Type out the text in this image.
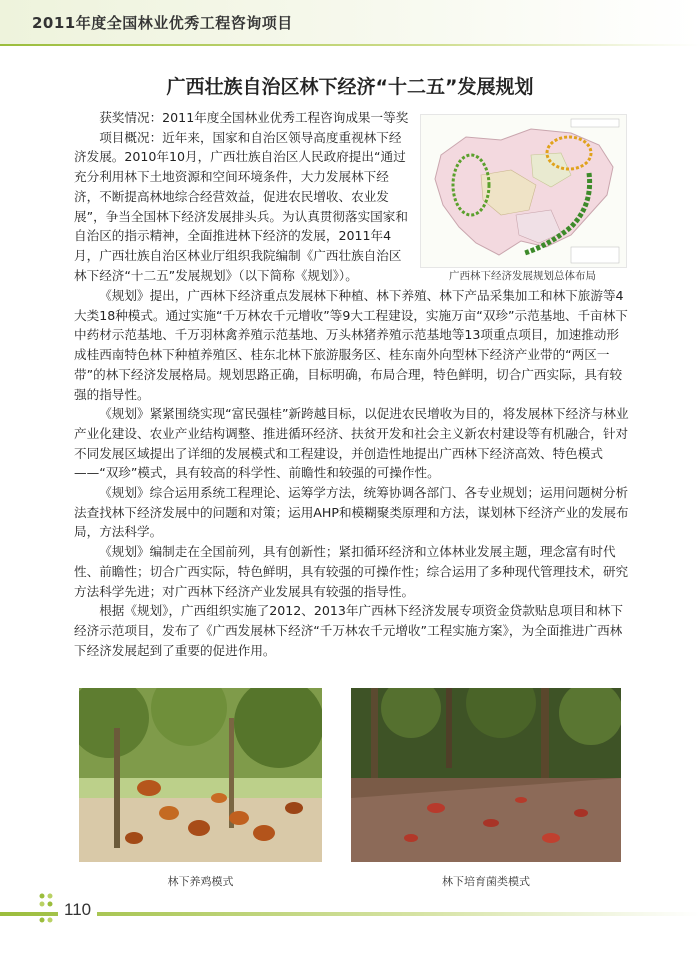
2011年度全国林业优秀工程咨询项目
广西壮族自治区林下经济“十二五”发展规划

获奖情况：2011年度全国林业优秀工程咨询成果一等奖

项目概况：近年来，国家和自治区领导高度重视林下经济发展。2010年10月，广西壮族自治区人民政府提出“通过充分利用林下土地资源和空间环境条件，大力发展林下经济，不断提高林地综合经营效益，促进农民增收、农业发展”，争当全国林下经济发展排头兵。为认真贯彻落实国家和自治区的指示精神，全面推进林下经济的发展，2011年4月，广西壮族自治区林业厅组织我院编制《广西壮族自治区林下经济“十二五”发展规划》（以下简称《规划》）。	广西林下经济发展规划总体布局

《规划》提出，广西林下经济重点发展林下种植、林下养殖、林下产品采集加工和林下旅游等4大类18种模式。通过实施“千万林农千元增收”等9大工程建设，实施万亩“双珍”示范基地、千亩林下中药材示范基地、千万羽林禽养殖示范基地、万头林猪养殖示范基地等13项重点项目，加速推动形成桂西南特色林下种植养殖区、桂东北林下旅游服务区、桂东南外向型林下经济产业带的“两区一带”的林下经济发展格局。规划思路正确，目标明确，布局合理，特色鲜明，切合广西实际，具有较强的指导性。

《规划》紧紧围绕实现“富民强桂”新跨越目标，以促进农民增收为目的，将发展林下经济与林业产业化建设、农业产业结构调整、推进循环经济、扶贫开发和社会主义新农村建设等有机融合，针对不同发展区域提出了详细的发展模式和工程建设，并创造性地提出广西林下经济高效、特色模式——“双珍”模式，具有较高的科学性、前瞻性和较强的可操作性。

《规划》综合运用系统工程理论、运筹学方法，统筹协调各部门、各专业规划；运用问题树分析法查找林下经济发展中的问题和对策；运用AHP和模糊聚类原理和方法，谋划林下经济产业的发展布局，方法科学。

《规划》编制走在全国前列，具有创新性；紧扣循环经济和立体林业发展主题，理念富有时代性、前瞻性；切合广西实际，特色鲜明，具有较强的可操作性；综合运用了多种现代管理技术，研究方法科学先进；对广西林下经济产业发展具有较强的指导性。

根据《规划》，广西组织实施了2012、2013年广西林下经济发展专项资金贷款贴息项目和林下经济示范项目，发布了《广西发展林下经济“千万林农千元增收”工程实施方案》，为全面推进广西林下经济发展起到了重要的促进作用。

林下养鸡模式	林下培育菌类模式
110
